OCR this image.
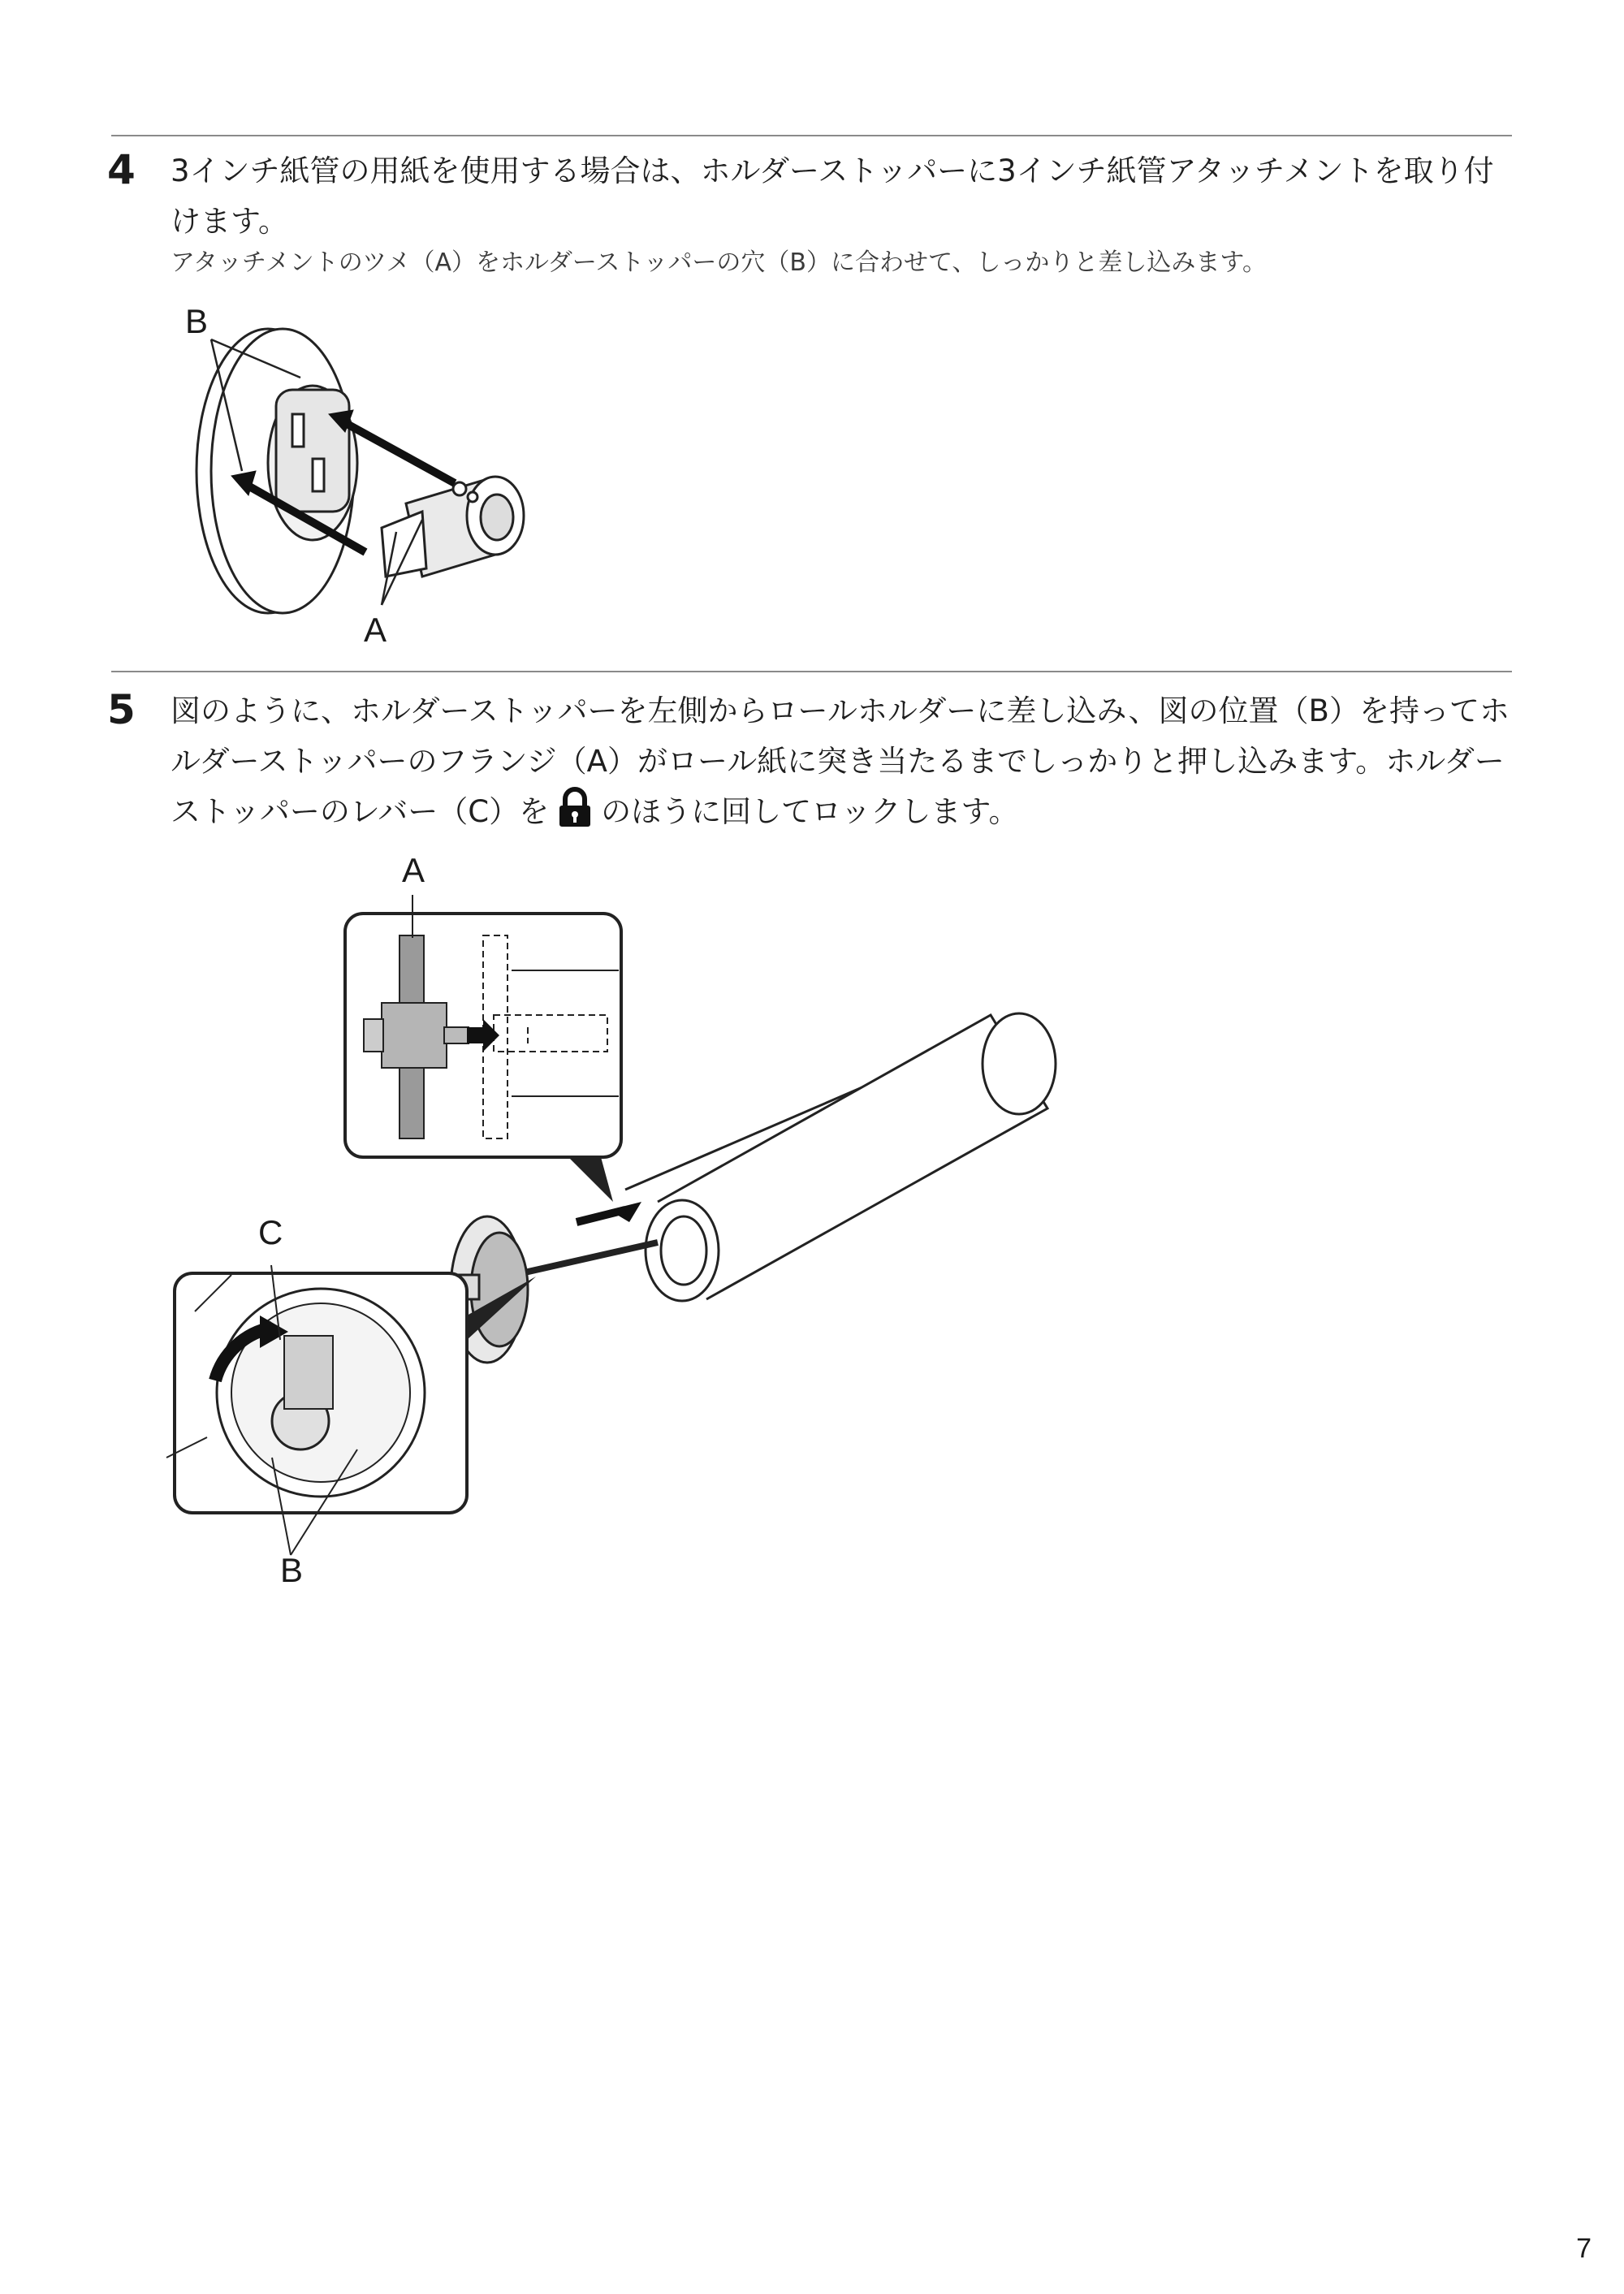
4 3インチ紙管の用紙を使用する場合は、ホルダーストッパーに3インチ紙管アタッチメントを取り付けます。
アタッチメントのツメ（A）をホルダーストッパーの穴（B）に合わせて、しっかりと差し込みます。
B
A
5 図のように、ホルダーストッパーを左側からロールホルダーに差し込み、図の位置（B）を持ってホルダーストッパーのフランジ（A）がロール紙に突き当たるまでしっかりと押し込みます。ホルダーストッパーのレバー（C）を のほうに回してロックします。
A
C
B
7
